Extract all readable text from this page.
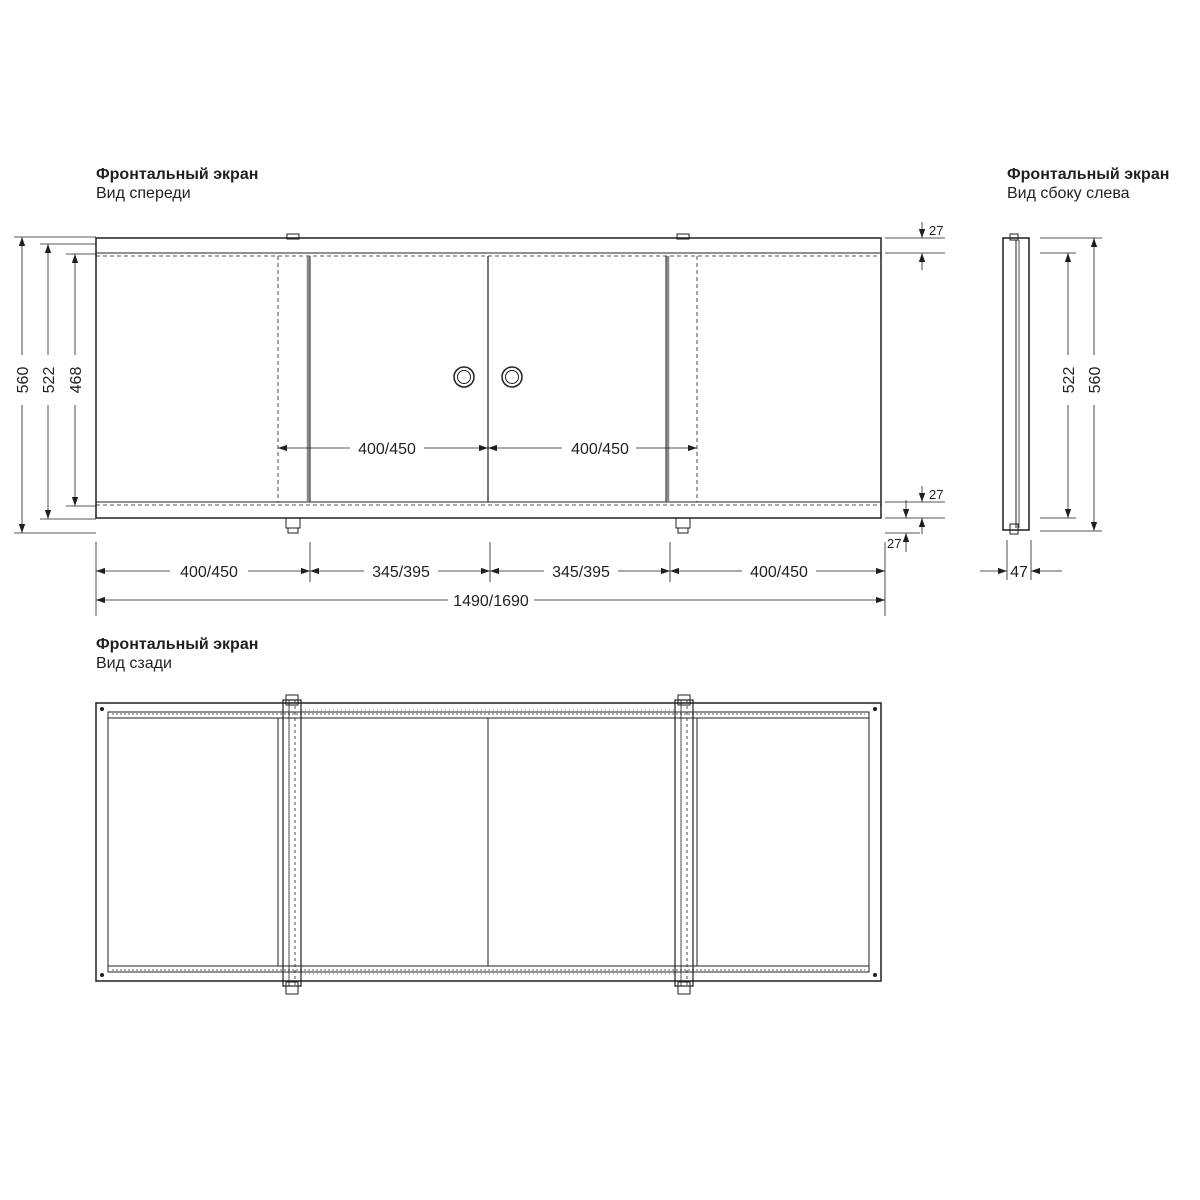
Фронтальный экран
Вид спереди
Фронтальный экран
Вид сбоку слева
Фронтальный экран
Вид сзади
560 522 468
27
27
27
400/450	400/450
400/450	345/395	345/395	400/450
1490/1690
522 560
47
